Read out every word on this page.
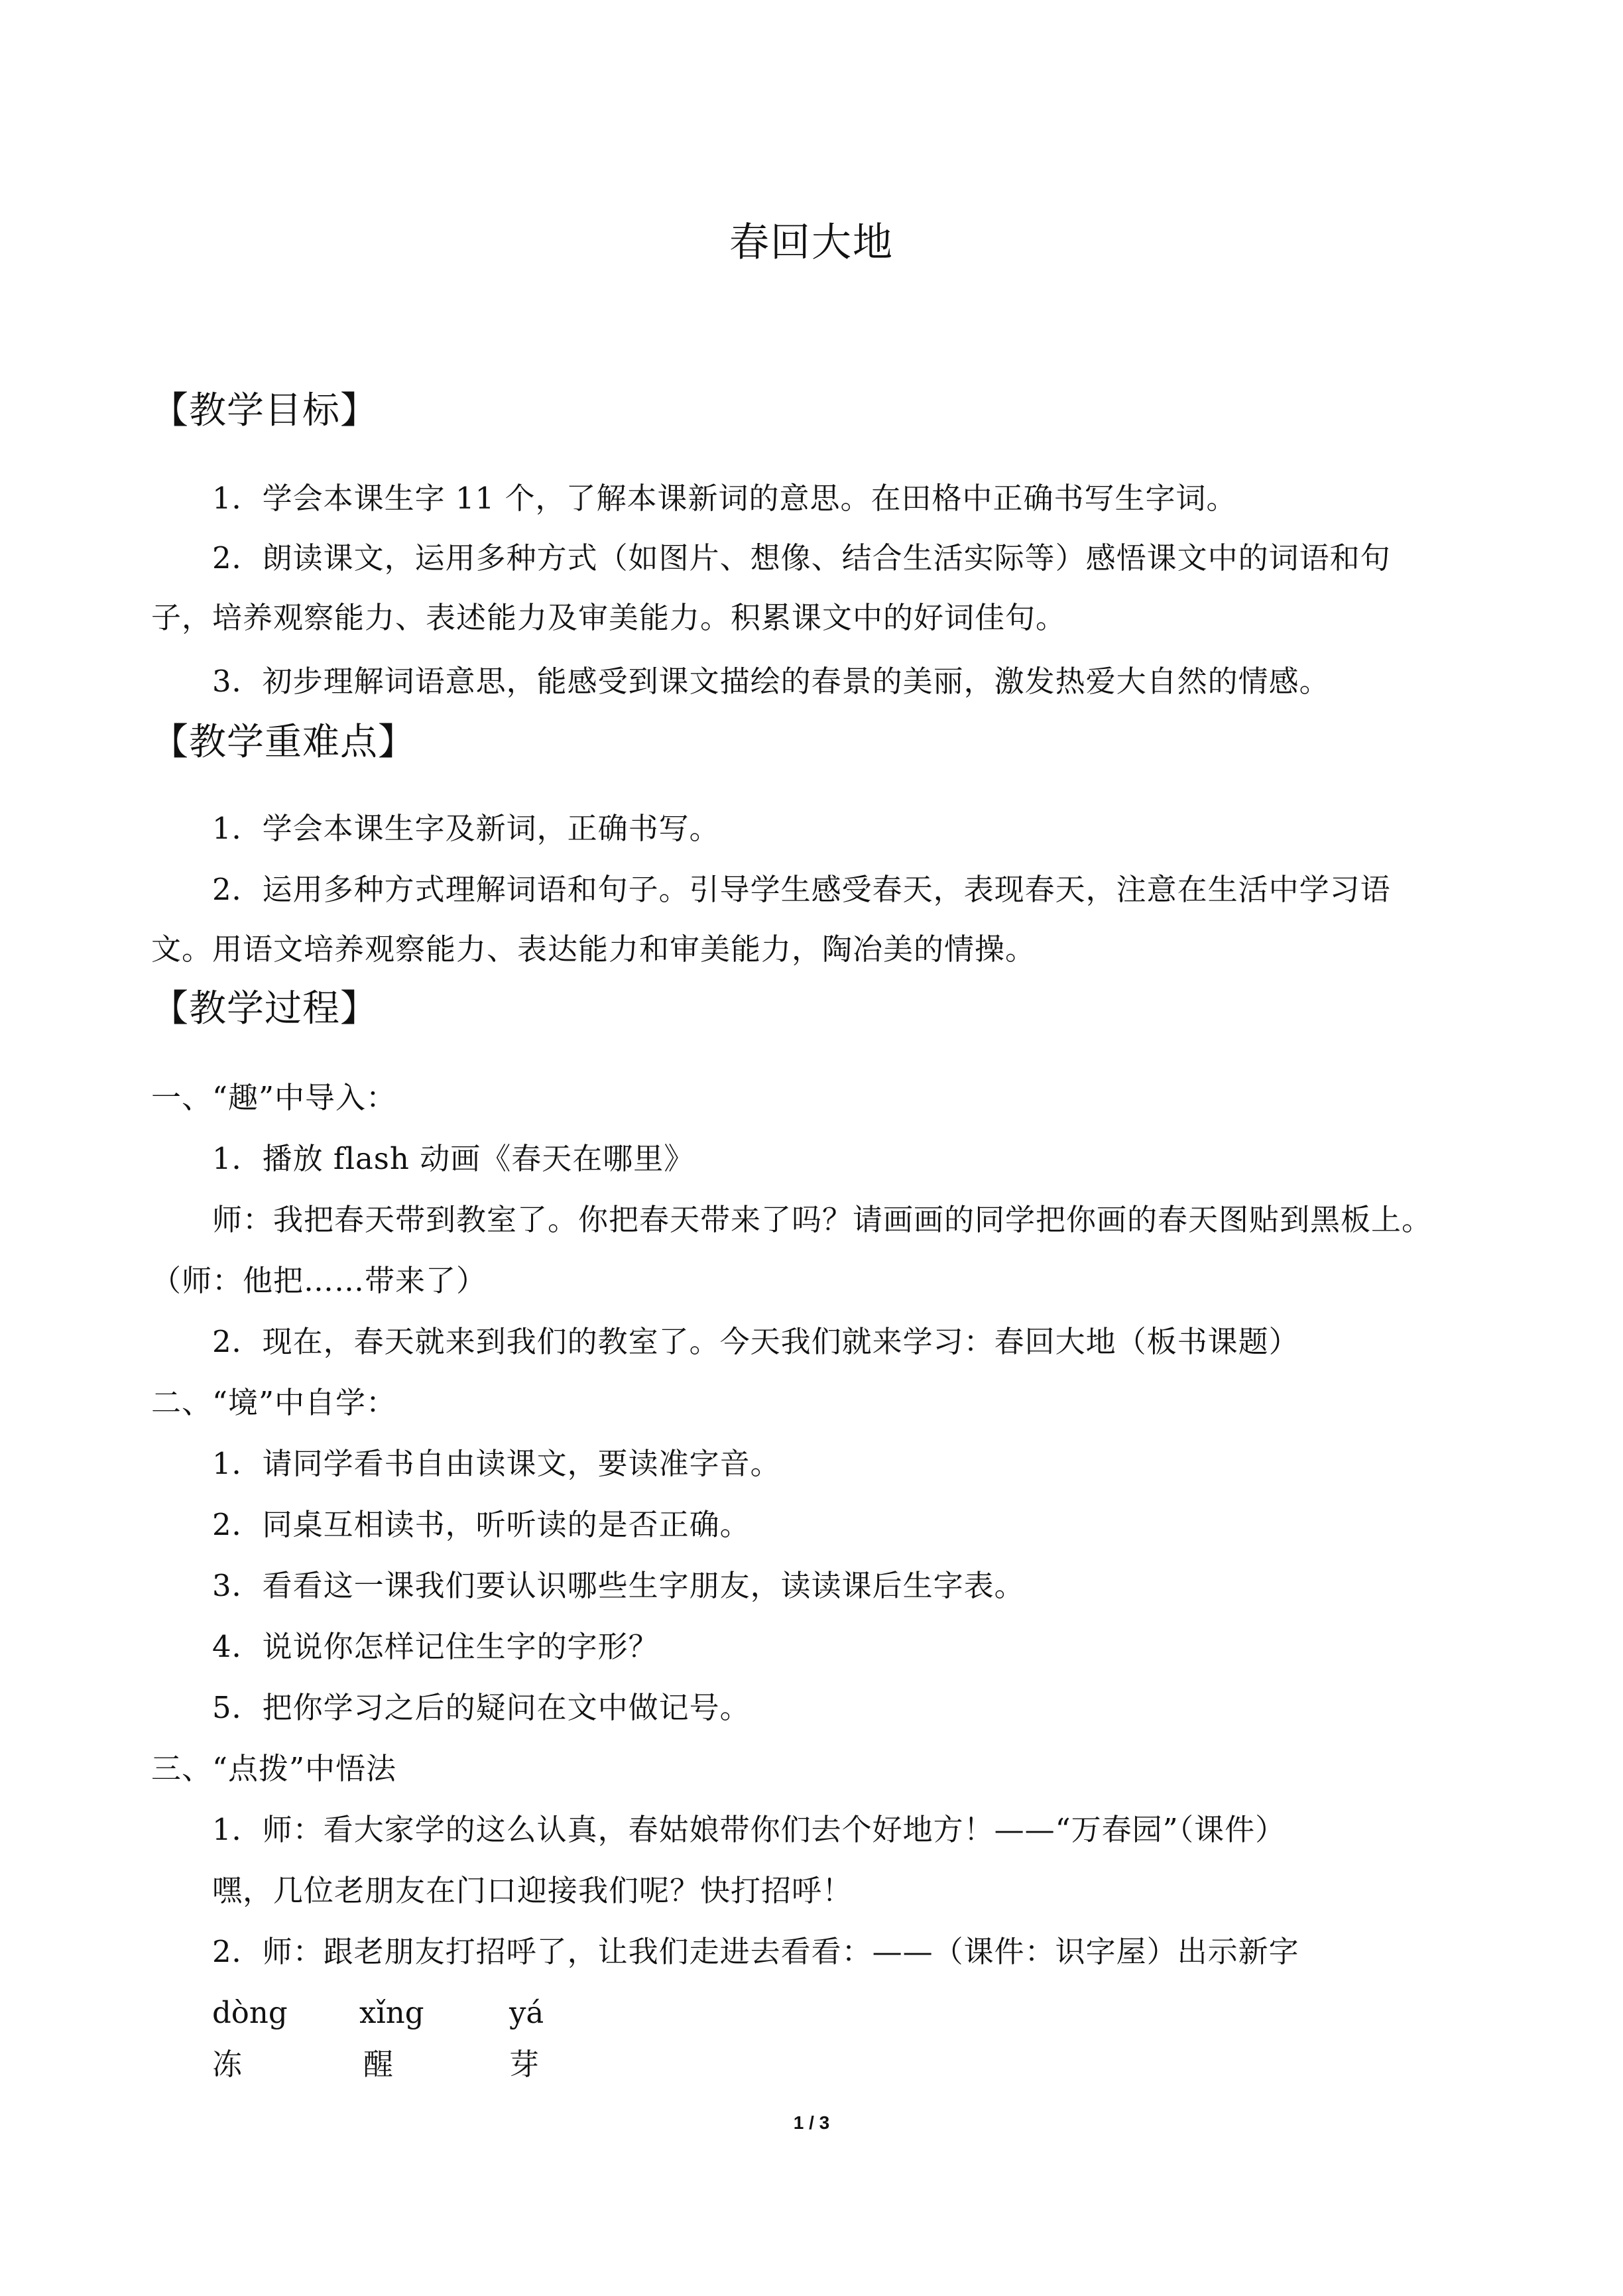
春回大地
【教学目标】
1．学会本课生字 11 个，了解本课新词的意思。在田格中正确书写生字词。
2．朗读课文，运用多种方式（如图片、想像、结合生活实际等）感悟课文中的词语和句
子，培养观察能力、表述能力及审美能力。积累课文中的好词佳句。
3．初步理解词语意思，能感受到课文描绘的春景的美丽，激发热爱大自然的情感。
【教学重难点】
1．学会本课生字及新词，正确书写。
2．运用多种方式理解词语和句子。引导学生感受春天，表现春天，注意在生活中学习语
文。用语文培养观察能力、表达能力和审美能力，陶冶美的情操。
【教学过程】
一、“趣”中导入：
1．播放 flash 动画《春天在哪里》
师：我把春天带到教室了。你把春天带来了吗？请画画的同学把你画的春天图贴到黑板上。
（师：他把……带来了）
2．现在，春天就来到我们的教室了。今天我们就来学习：春回大地（板书课题）
二、“境”中自学：
1．请同学看书自由读课文，要读准字音。
2．同桌互相读书，听听读的是否正确。
3．看看这一课我们要认识哪些生字朋友，读读课后生字表。
4．说说你怎样记住生字的字形？
5．把你学习之后的疑问在文中做记号。
三、“点拨”中悟法
1．师：看大家学的这么认真，春姑娘带你们去个好地方！——“万春园”（课件）
嘿，几位老朋友在门口迎接我们呢？快打招呼！
2．师：跟老朋友打招呼了，让我们走进去看看：——（课件：识字屋）出示新字
dòng xǐng	yá
冻	醒	芽
1 / 3
